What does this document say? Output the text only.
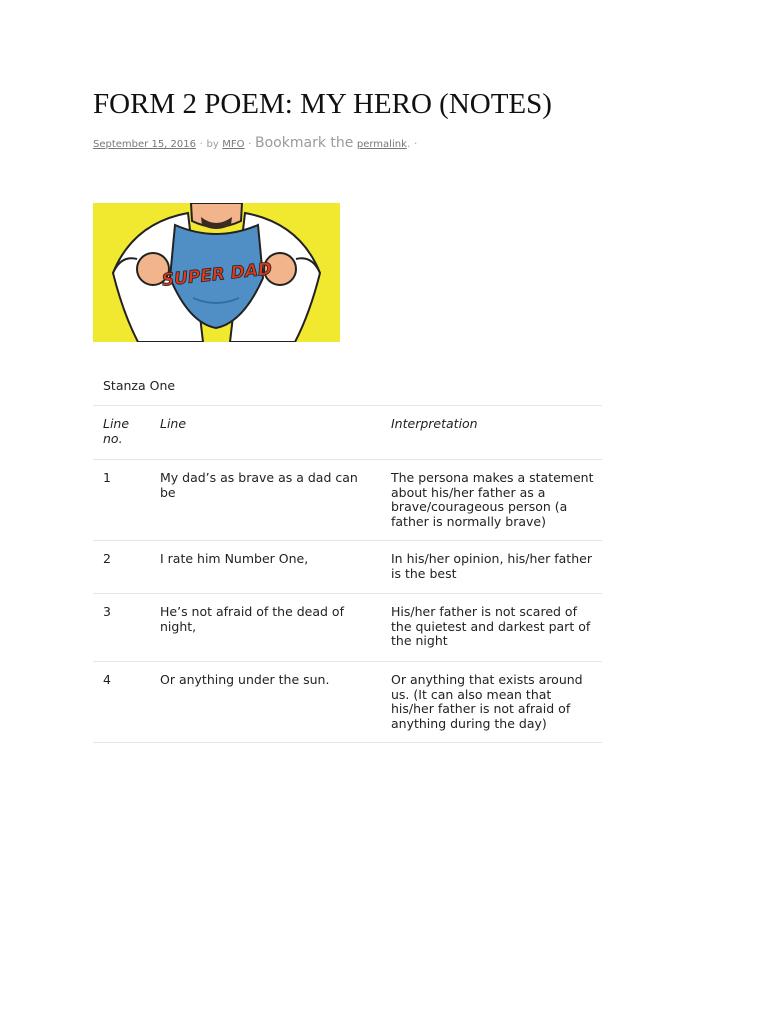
FORM 2 POEM: MY HERO (NOTES)
September 15, 2016 · by MFO · Bookmark the permalink. ·
SUPER DAD
Stanza One
Line no.	Line	Interpretation
1	My dad’s as brave as a dad can be	The persona makes a statement about his/her father as a brave/courageous person (a father is normally brave)
2	I rate him Number One,	In his/her opinion, his/her father is the best
3	He’s not afraid of the dead of night,	His/her father is not scared of the quietest and darkest part of the night
4	Or anything under the sun.	Or anything that exists around us. (It can also mean that his/her father is not afraid of anything during the day)
